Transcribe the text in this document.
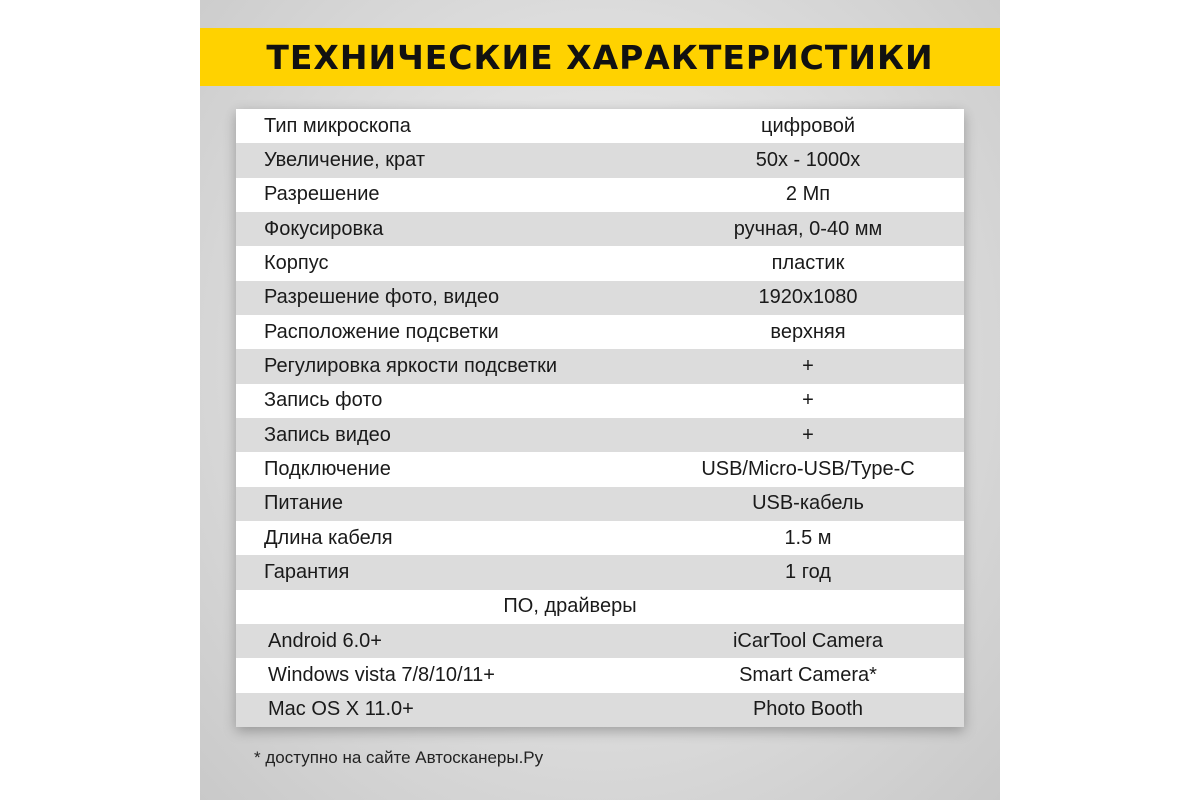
ТЕХНИЧЕСКИЕ ХАРАКТЕРИСТИКИ
Тип микроскопа	цифровой
Увеличение, крат	50x - 1000x
Разрешение	2 Мп
Фокусировка	ручная, 0-40 мм
Корпус	пластик
Разрешение фото, видео	1920x1080
Расположение подсветки	верхняя
Регулировка яркости подсветки	+
Запись фото	+
Запись видео	+
Подключение	USB/Micro-USB/Type-C
Питание	USB-кабель
Длина кабеля	1.5 м
Гарантия	1 год
ПО, драйверы
Android 6.0+	iCarTool Camera
Windows vista 7/8/10/11+	Smart Camera*
Mac OS X 11.0+	Photo Booth
* доступно на сайте Автосканеры.Ру
